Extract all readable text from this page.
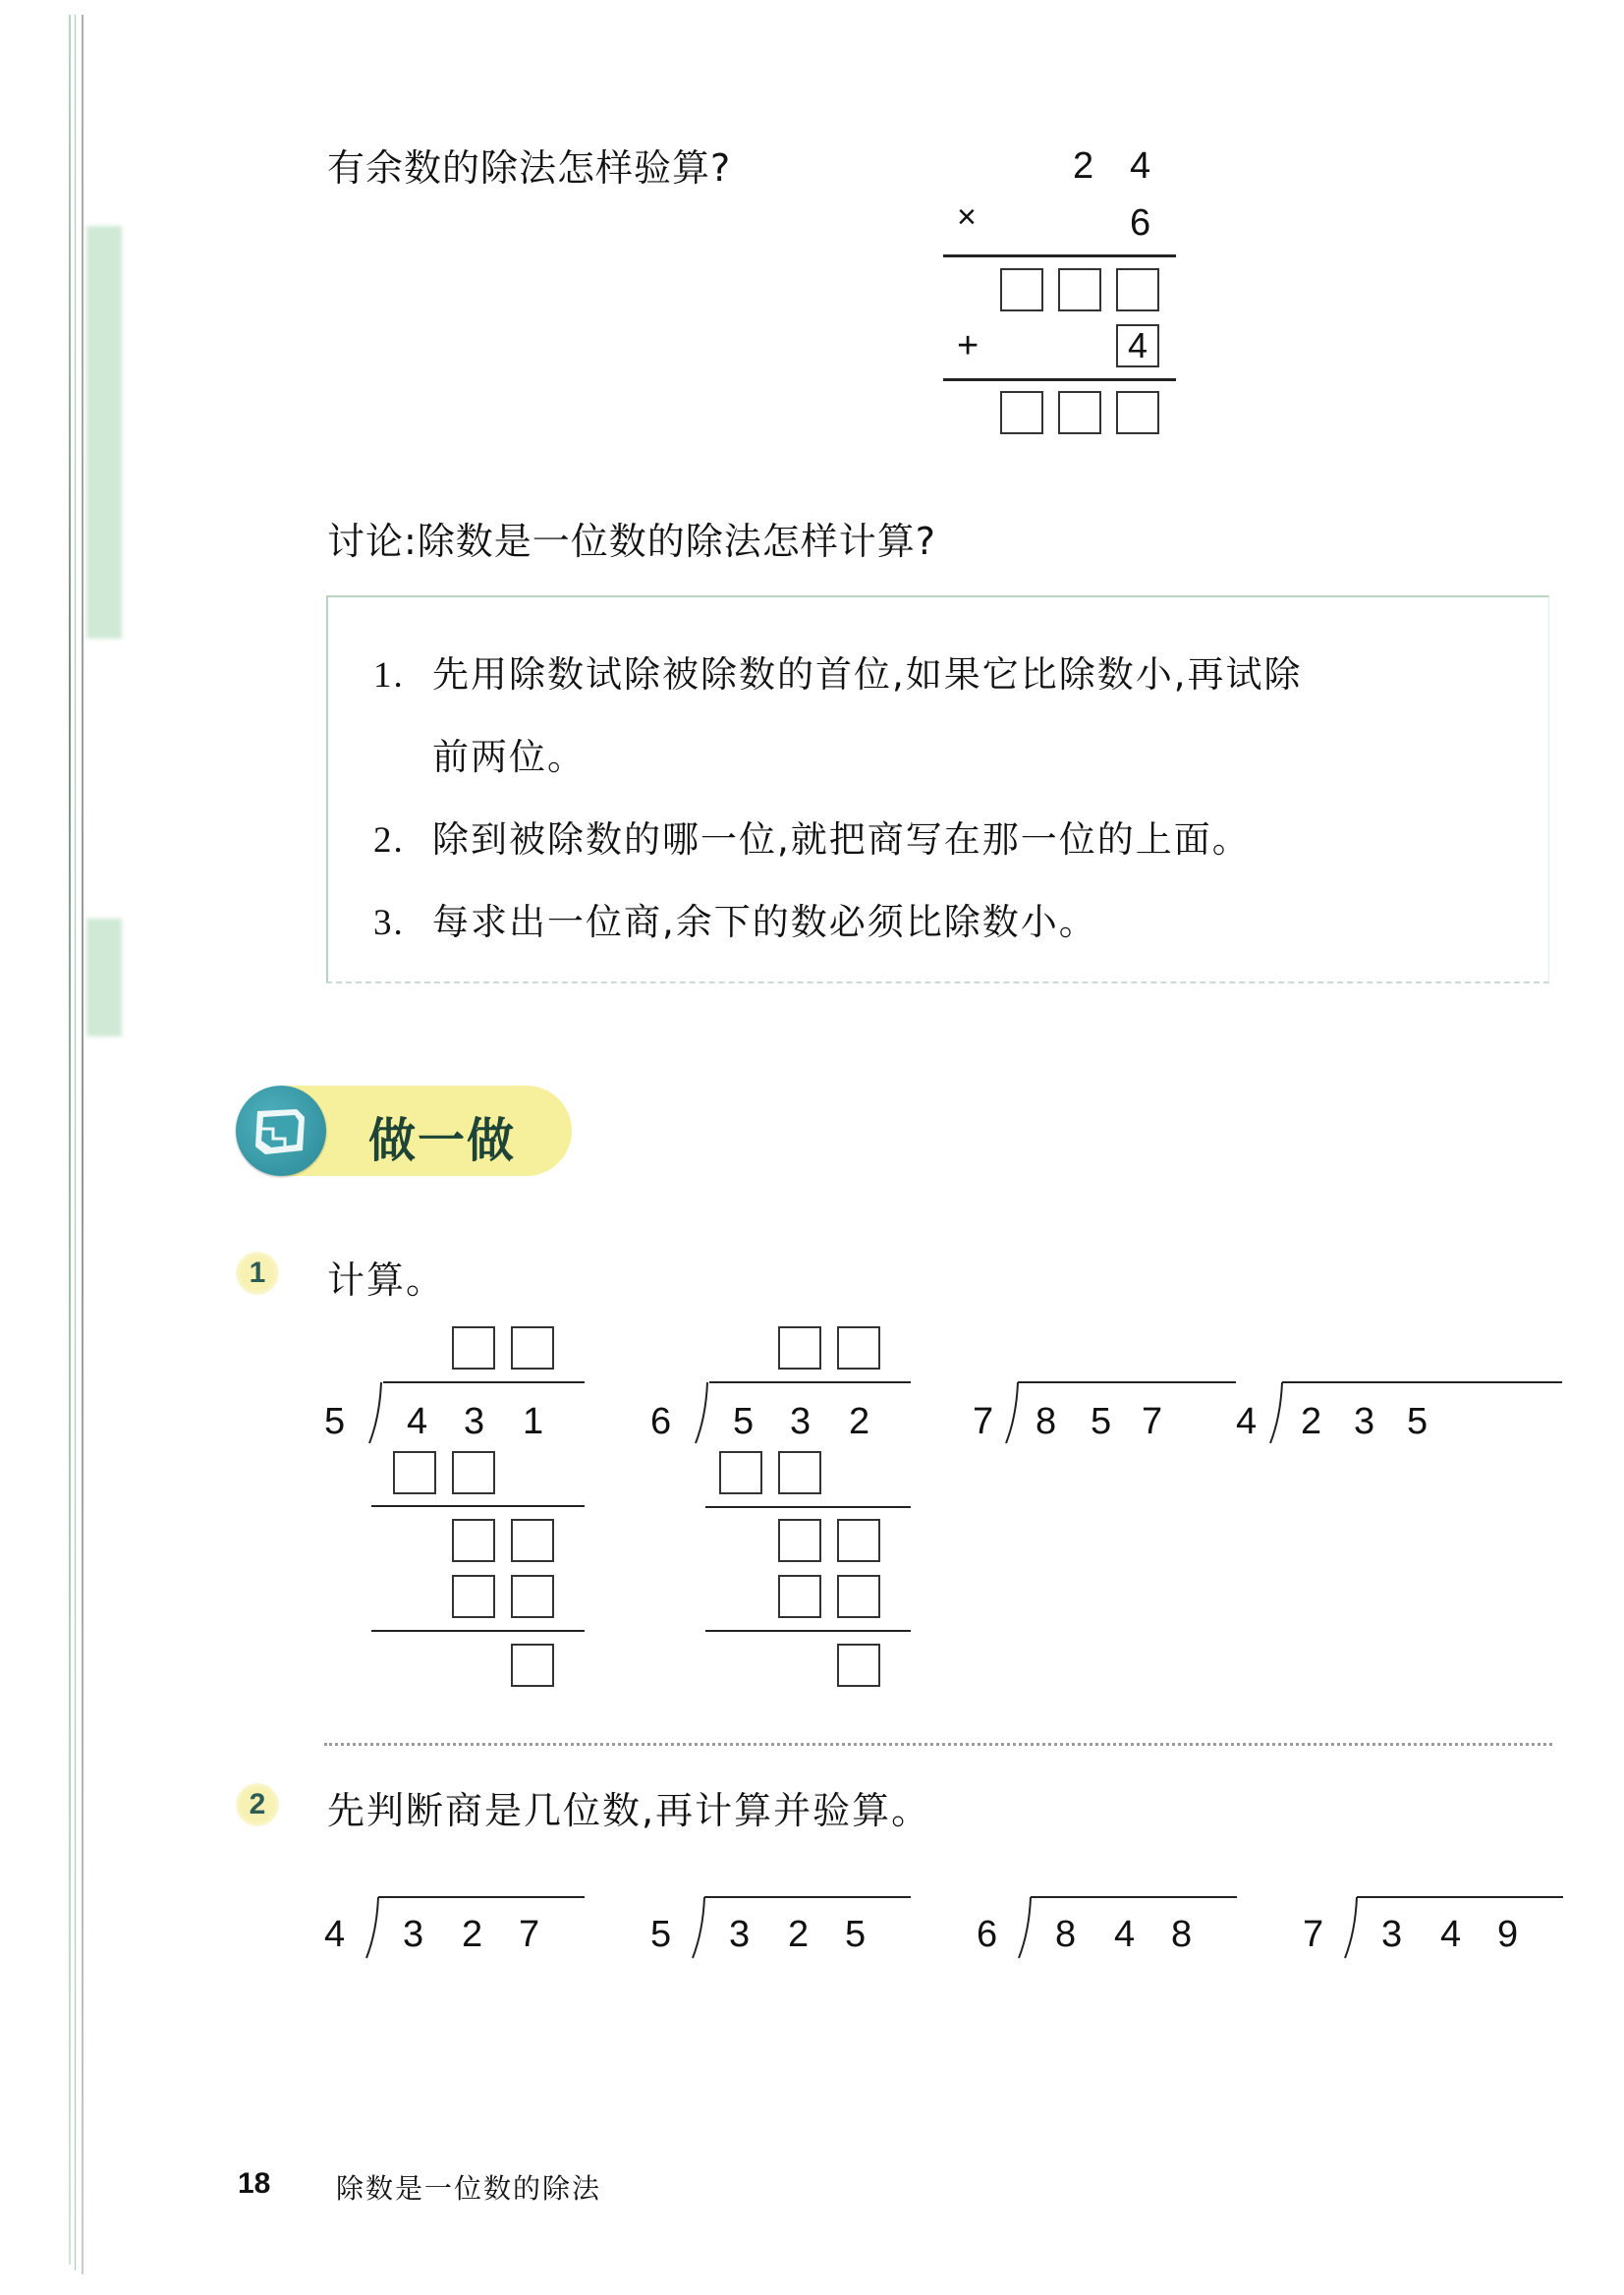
有余数的除法怎样验算?	2 4
×	6
+	4
讨论:除数是一位数的除法怎样计算?
1. 先用除数试除被除数的首位,如果它比除数小,再试除
前两位。
2. 除到被除数的哪一位,就把商写在那一位的上面。
3. 每求出一位商,余下的数必须比除数小。
做一做
1	计算。
5 4 3 1	6 5 3 2	7 8 5 7 4 2 3 5
2	先判断商是几位数,再计算并验算。
4 3 2 7	5 3 2 5	6 8 4 8	7 3 4 9
18 除数是一位数的除法
